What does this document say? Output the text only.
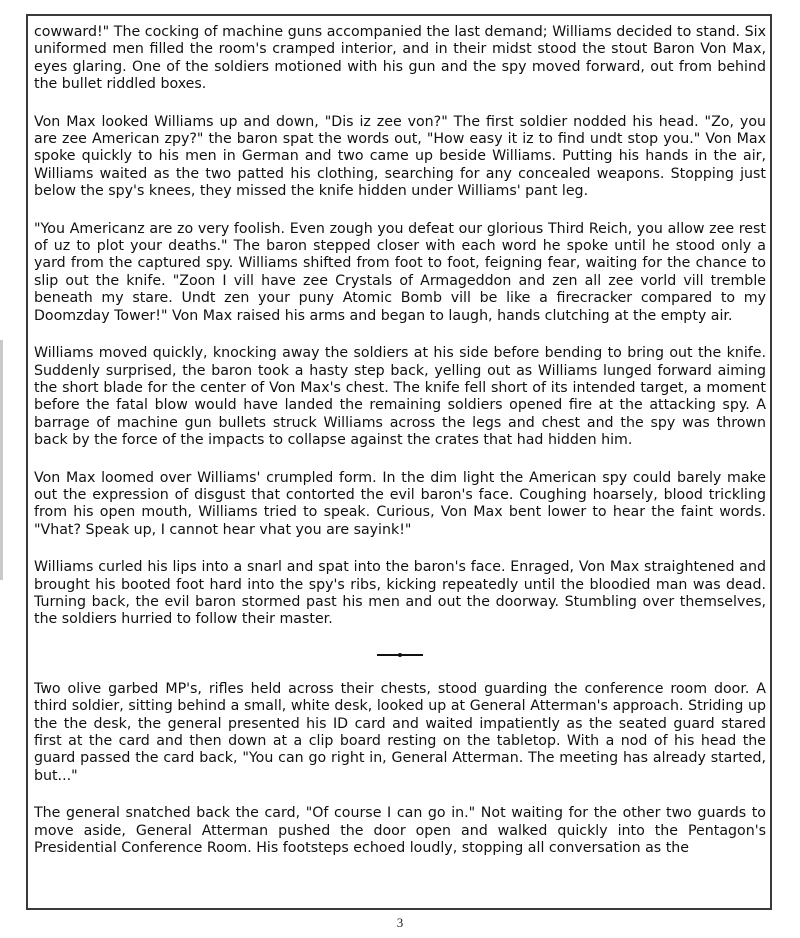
cowward!" The cocking of machine guns accompanied the last demand; Williams decided to stand. Six uniformed men filled the room's cramped interior, and in their midst stood the stout Baron Von Max, eyes glaring. One of the soldiers motioned with his gun and the spy moved forward, out from behind the bullet riddled boxes.

Von Max looked Williams up and down, "Dis iz zee von?" The first soldier nodded his head. "Zo, you are zee American zpy?" the baron spat the words out, "How easy it iz to find undt stop you." Von Max spoke quickly to his men in German and two came up beside Williams. Putting his hands in the air, Williams waited as the two patted his clothing, searching for any concealed weapons. Stopping just below the spy's knees, they missed the knife hidden under Williams' pant leg.

"You Americanz are zo very foolish. Even zough you defeat our glorious Third Reich, you allow zee rest of uz to plot your deaths." The baron stepped closer with each word he spoke until he stood only a yard from the captured spy. Williams shifted from foot to foot, feigning fear, waiting for the chance to slip out the knife. "Zoon I vill have zee Crystals of Armageddon and zen all zee vorld vill tremble beneath my stare. Undt zen your puny Atomic Bomb vill be like a firecracker compared to my Doomzday Tower!" Von Max raised his arms and began to laugh, hands clutching at the empty air.

Williams moved quickly, knocking away the soldiers at his side before bending to bring out the knife. Suddenly surprised, the baron took a hasty step back, yelling out as Williams lunged forward aiming the short blade for the center of Von Max's chest. The knife fell short of its intended target, a moment before the fatal blow would have landed the remaining soldiers opened fire at the attacking spy. A barrage of machine gun bullets struck Williams across the legs and chest and the spy was thrown back by the force of the impacts to collapse against the crates that had hidden him.

Von Max loomed over Williams' crumpled form. In the dim light the American spy could barely make out the expression of disgust that contorted the evil baron's face. Coughing hoarsely, blood trickling from his open mouth, Williams tried to speak. Curious, Von Max bent lower to hear the faint words. "Vhat? Speak up, I cannot hear vhat you are sayink!"

Williams curled his lips into a snarl and spat into the baron's face. Enraged, Von Max straightened and brought his booted foot hard into the spy's ribs, kicking repeatedly until the bloodied man was dead. Turning back, the evil baron stormed past his men and out the doorway. Stumbling over themselves, the soldiers hurried to follow their master.

Two olive garbed MP's, rifles held across their chests, stood guarding the conference room door. A third soldier, sitting behind a small, white desk, looked up at General Atterman's approach. Striding up the the desk, the general presented his ID card and waited impatiently as the seated guard stared first at the card and then down at a clip board resting on the tabletop. With a nod of his head the guard passed the card back, "You can go right in, General Atterman. The meeting has already started, but..."

The general snatched back the card, "Of course I can go in." Not waiting for the other two guards to move aside, General Atterman pushed the door open and walked quickly into the Pentagon's Presidential Conference Room. His footsteps echoed loudly, stopping all conversation as the

3
